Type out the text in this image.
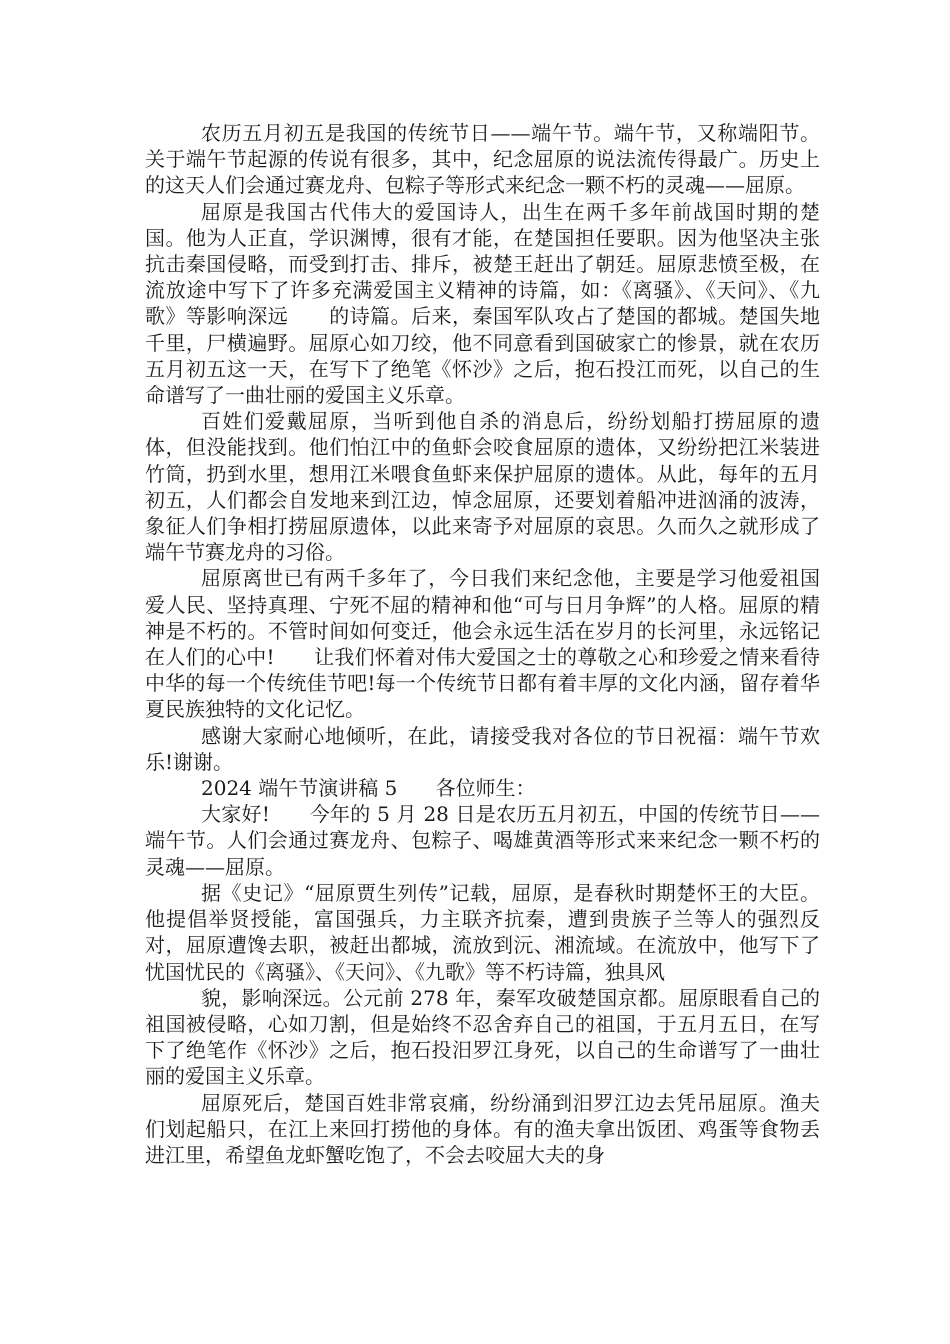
农历五月初五是我国的传统节日——端午节。端午节，又称端阳节。关于端午节起源的传说有很多，其中，纪念屈原的说法流传得最广。历史上的这天人们会通过赛龙舟、包粽子等形式来纪念一颗不朽的灵魂——屈原。

屈原是我国古代伟大的爱国诗人，出生在两千多年前战国时期的楚国。他为人正直，学识渊博，很有才能，在楚国担任要职。因为他坚决主张抗击秦国侵略，而受到打击、排斥，被楚王赶出了朝廷。屈原悲愤至极，在流放途中写下了许多充满爱国主义精神的诗篇，如：《离骚》、《天问》、《九歌》等影响深远      的诗篇。后来，秦国军队攻占了楚国的都城。楚国失地千里，尸横遍野。屈原心如刀绞，他不同意看到国破家亡的惨景，就在农历五月初五这一天，在写下了绝笔《怀沙》之后，抱石投江而死，以自己的生命谱写了一曲壮丽的爱国主义乐章。

百姓们爱戴屈原，当听到他自杀的消息后，纷纷划船打捞屈原的遗体，但没能找到。他们怕江中的鱼虾会咬食屈原的遗体，又纷纷把江米装进竹筒，扔到水里，想用江米喂食鱼虾来保护屈原的遗体。从此，每年的五月初五，人们都会自发地来到江边，悼念屈原，还要划着船冲进汹涌的波涛，象征人们争相打捞屈原遗体，以此来寄予对屈原的哀思。久而久之就形成了端午节赛龙舟的习俗。

屈原离世已有两千多年了，今日我们来纪念他，主要是学习他爱祖国爱人民、坚持真理、宁死不屈的精神和他“可与日月争辉”的人格。屈原的精神是不朽的。不管时间如何变迁，他会永远生活在岁月的长河里，永远铭记在人们的心中!      让我们怀着对伟大爱国之士的尊敬之心和珍爱之情来看待中华的每一个传统佳节吧!每一个传统节日都有着丰厚的文化内涵，留存着华夏民族独特的文化记忆。

感谢大家耐心地倾听，在此，请接受我对各位的节日祝福：端午节欢乐!谢谢。

2024 端午节演讲稿 5      各位师生：

大家好!      今年的 5 月 28 日是农历五月初五，中国的传统节日——端午节。人们会通过赛龙舟、包粽子、喝雄黄酒等形式来来纪念一颗不朽的灵魂——屈原。

据《史记》“屈原贾生列传”记载，屈原，是春秋时期楚怀王的大臣。他提倡举贤授能，富国强兵，力主联齐抗秦，遭到贵族子兰等人的强烈反对，屈原遭馋去职，被赶出都城，流放到沅、湘流域。在流放中，他写下了忧国忧民的《离骚》、《天问》、《九歌》等不朽诗篇，独具风

貌，影响深远。公元前 278 年，秦军攻破楚国京都。屈原眼看自己的祖国被侵略，心如刀割，但是始终不忍舍弃自己的祖国，于五月五日，在写下了绝笔作《怀沙》之后，抱石投汨罗江身死，以自己的生命谱写了一曲壮丽的爱国主义乐章。

屈原死后，楚国百姓非常哀痛，纷纷涌到汨罗江边去凭吊屈原。渔夫们划起船只，在江上来回打捞他的身体。有的渔夫拿出饭团、鸡蛋等食物丢进江里，希望鱼龙虾蟹吃饱了，不会去咬屈大夫的身
